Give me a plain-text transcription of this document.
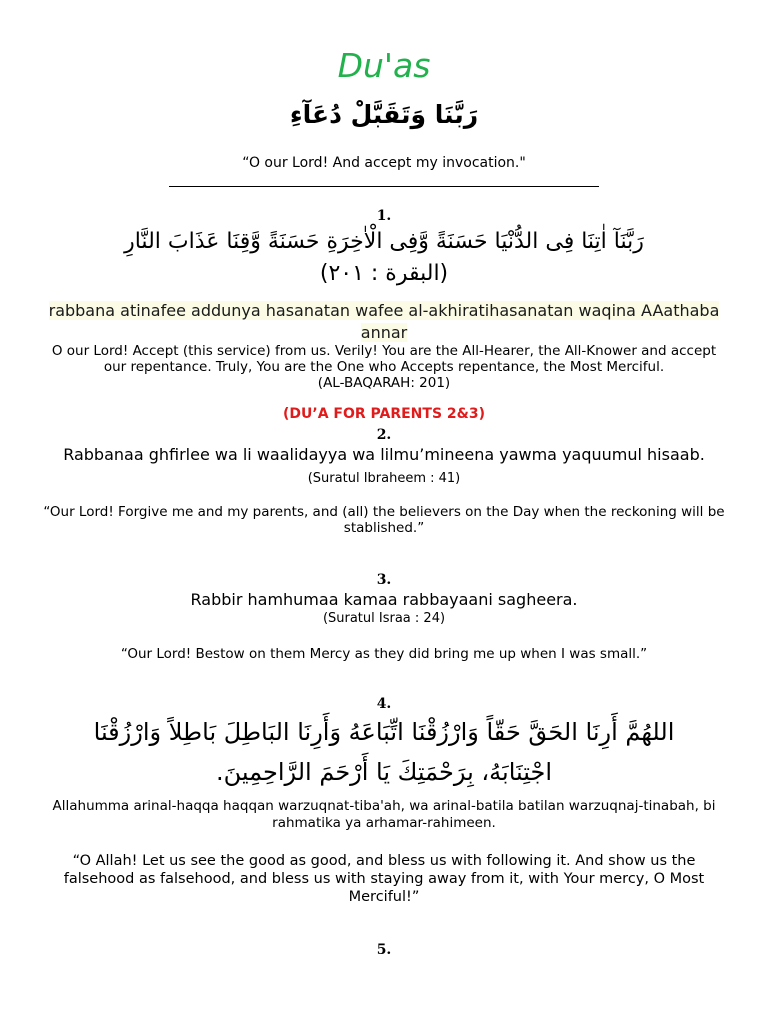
Du'as
رَبَّنَا وَتَقَبَّلْ دُعَآءِ
“O our Lord! And accept my invocation."
1.
رَبَّنَآ اٰتِنَا فِى الدُّنْيَا حَسَنَةً وَّفِى الْاٰخِرَةِ حَسَنَةً وَّقِنَا عَذَابَ النَّارِ
(البقرة : ٢٠١)
rabbana atinafee addunya hasanatan wafee al-akhiratihasanatan waqina AAathaba annar
O our Lord! Accept (this service) from us. Verily! You are the All-Hearer, the All-Knower and accept our repentance. Truly, You are the One who Accepts repentance, the Most Merciful.
(AL-BAQARAH: 201)
(DU’A FOR PARENTS 2&3)
2.
Rabbanaa ghfirlee wa li waalidayya wa lilmu’mineena yawma yaquumul hisaab. (Suratul Ibraheem : 41)
“Our Lord! Forgive me and my parents, and (all) the believers on the Day when the reckoning will be stablished.”
3.
Rabbir hamhumaa kamaa rabbayaani sagheera.
(Suratul Israa : 24)
“Our Lord! Bestow on them Mercy as they did bring me up when I was small.”
4.
اللهُمَّ أَرِنَا الحَقَّ حَقّاً وَارْزُقْنَا اتِّبَاعَهُ وَأَرِنَا البَاطِلَ بَاطِلاً وَارْزُقْنَا
اجْتِنَابَهُ، بِرَحْمَتِكَ يَا أَرْحَمَ الرَّاحِمِينَ.
Allahumma arinal-haqqa haqqan warzuqnat-tiba'ah, wa arinal-batila batilan warzuqnaj-tinabah, bi rahmatika ya arhamar-rahimeen.
“O Allah! Let us see the good as good, and bless us with following it. And show us the falsehood as falsehood, and bless us with staying away from it, with Your mercy, O Most Merciful!”
5.
